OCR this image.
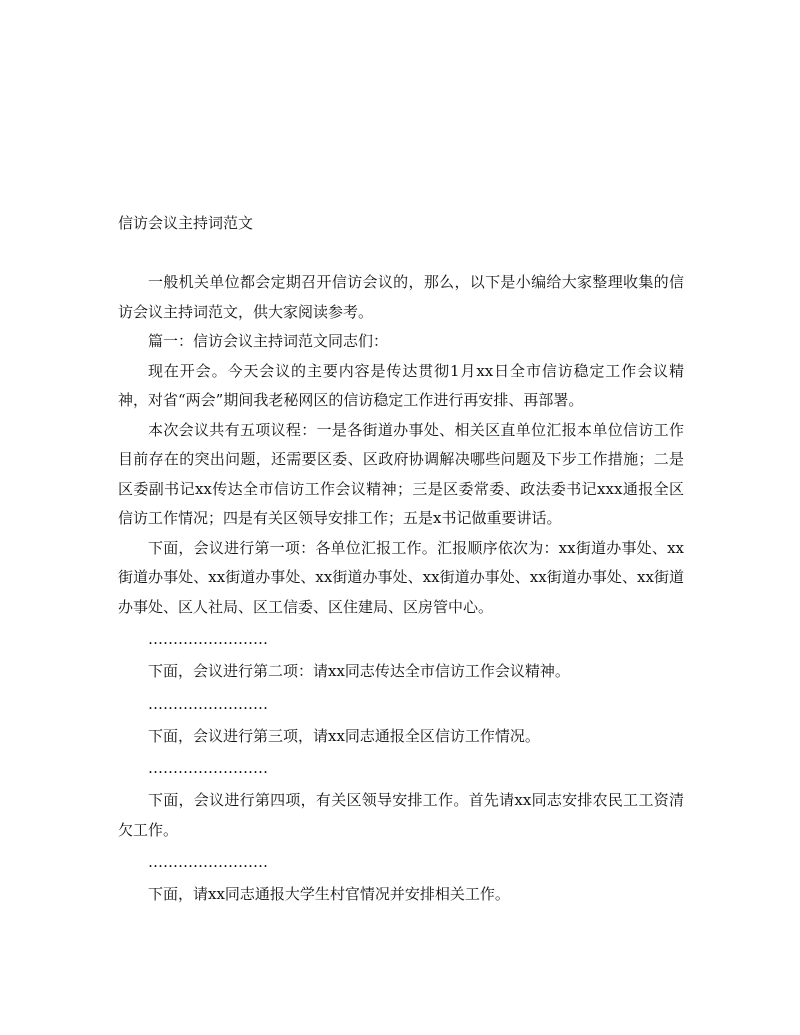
信访会议主持词范文

一般机关单位都会定期召开信访会议的，那么，以下是小编给大家整理收集的信访会议主持词范文，供大家阅读参考。

篇一：信访会议主持词范文同志们：

现在开会。今天会议的主要内容是传达贯彻1月xx日全市信访稳定工作会议精神，对省“两会”期间我老秘网区的信访稳定工作进行再安排、再部署。

本次会议共有五项议程：一是各街道办事处、相关区直单位汇报本单位信访工作目前存在的突出问题，还需要区委、区政府协调解决哪些问题及下步工作措施；二是区委副书记xx传达全市信访工作会议精神；三是区委常委、政法委书记xxx通报全区信访工作情况；四是有关区领导安排工作；五是x书记做重要讲话。

下面，会议进行第一项：各单位汇报工作。汇报顺序依次为：xx街道办事处、xx街道办事处、xx街道办事处、xx街道办事处、xx街道办事处、xx街道办事处、xx街道办事处、区人社局、区工信委、区住建局、区房管中心。

……………………

下面，会议进行第二项：请xx同志传达全市信访工作会议精神。

……………………

下面，会议进行第三项，请xx同志通报全区信访工作情况。

……………………

下面，会议进行第四项，有关区领导安排工作。首先请xx同志安排农民工工资清欠工作。

……………………

下面，请xx同志通报大学生村官情况并安排相关工作。
